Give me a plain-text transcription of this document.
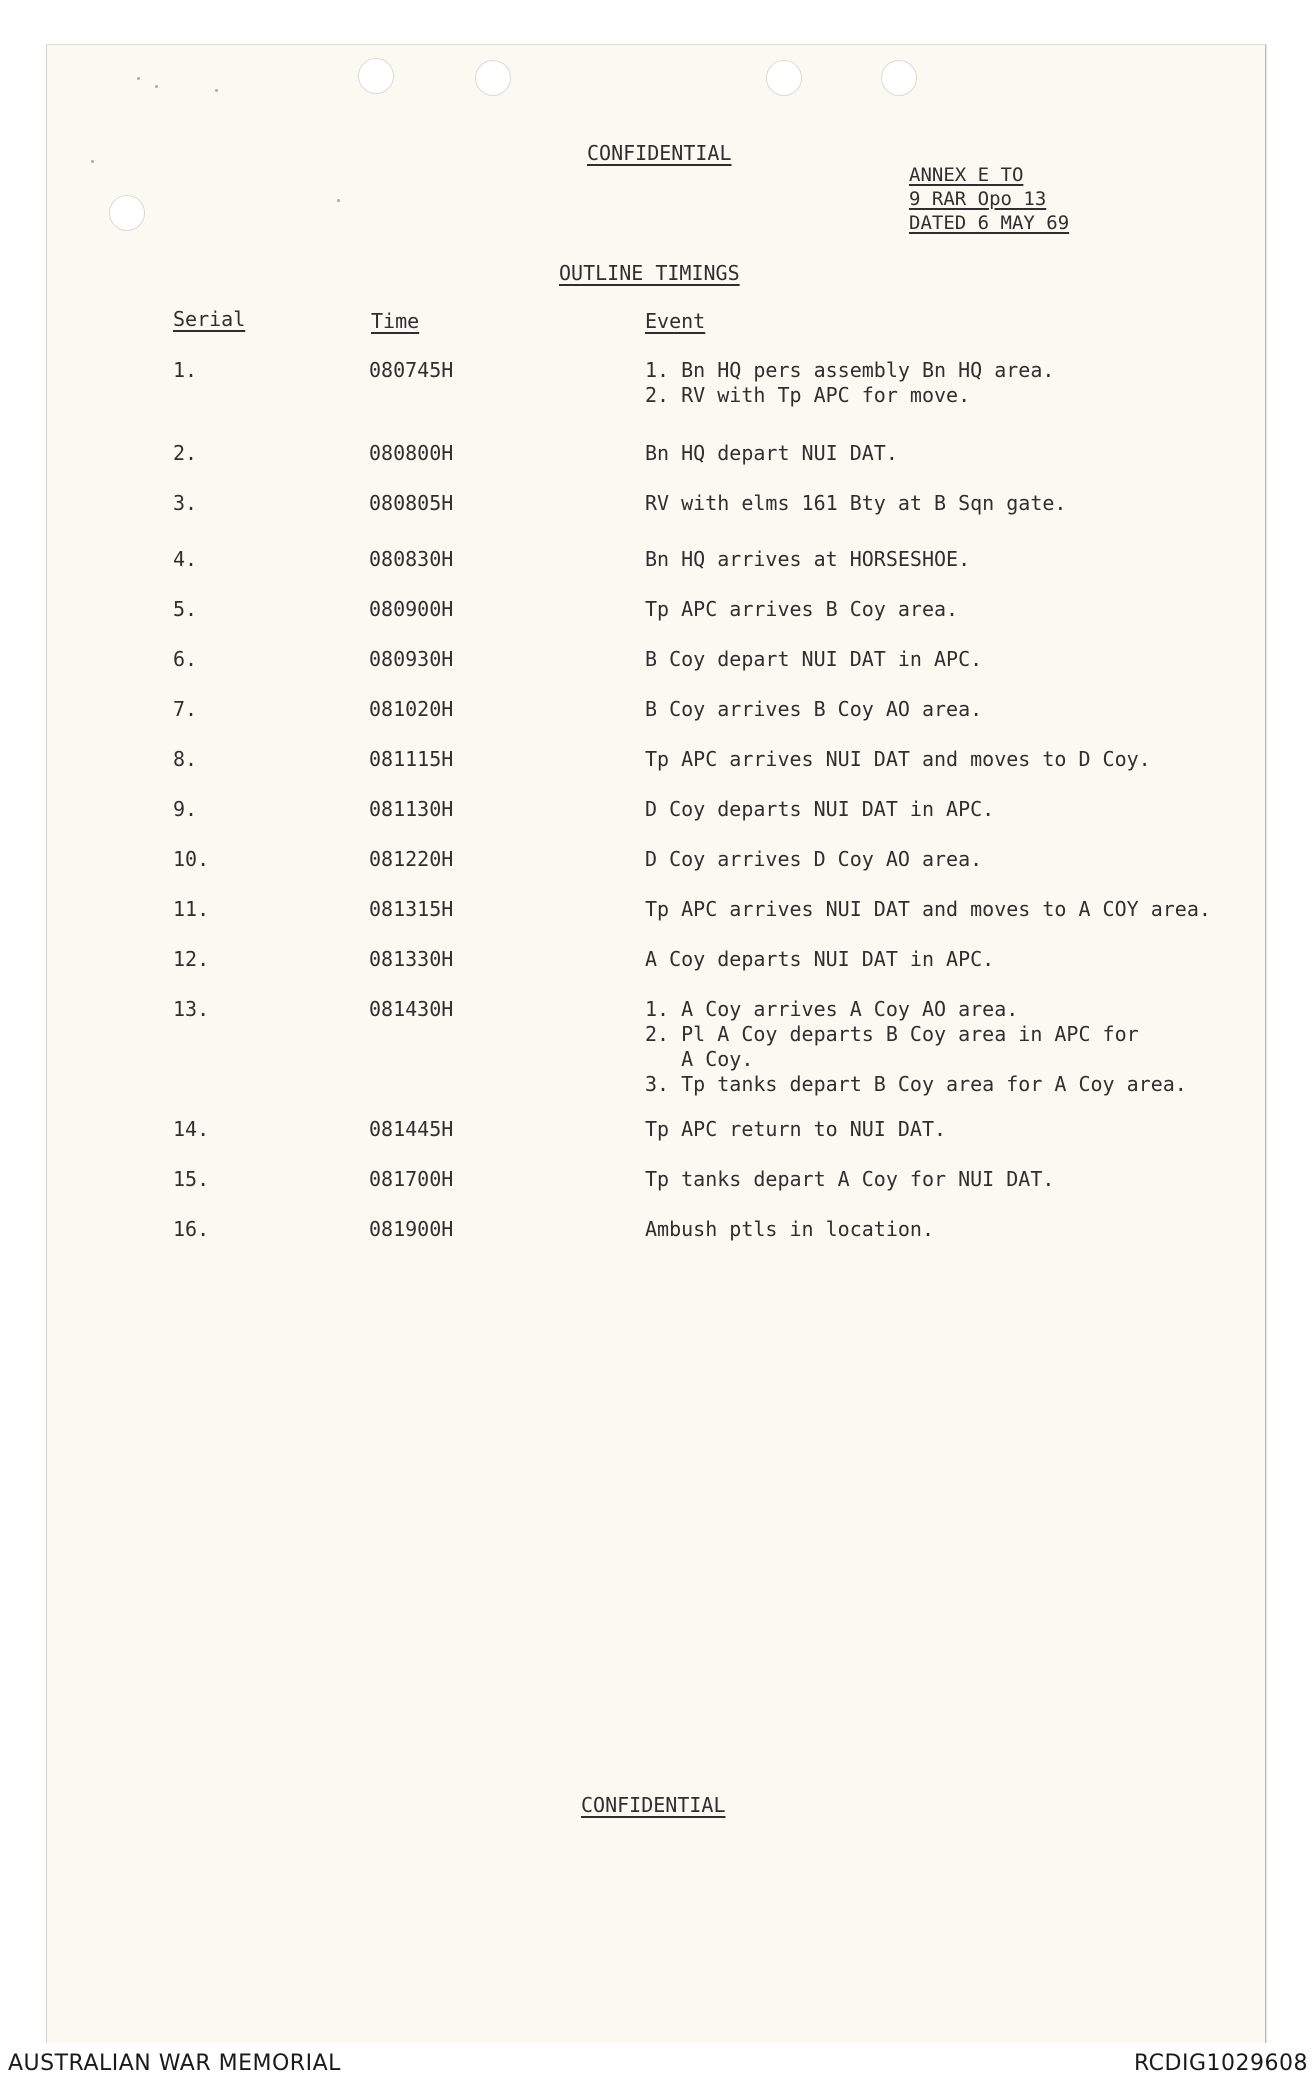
CONFIDENTIAL
ANNEX E TO
9 RAR Opo 13
DATED 6 MAY 69
OUTLINE TIMINGS
Serial	Time	Event
1.	080745H	1. Bn HQ pers assembly Bn HQ area.
2. RV with Tp APC for move.
2.	080800H	Bn HQ depart NUI DAT.
3.	080805H	RV with elms 161 Bty at B Sqn gate.
4.	080830H	Bn HQ arrives at HORSESHOE.
5.	080900H	Tp APC arrives B Coy area.
6.	080930H	B Coy depart NUI DAT in APC.
7.	081020H	B Coy arrives B Coy AO area.
8.	081115H	Tp APC arrives NUI DAT and moves to D Coy.
9.	081130H	D Coy departs NUI DAT in APC.
10.	081220H	D Coy arrives D Coy AO area.
11.	081315H	Tp APC arrives NUI DAT and moves to A COY area.
12.	081330H	A Coy departs NUI DAT in APC.
13.	081430H	1. A Coy arrives A Coy AO area.
2. Pl A Coy departs B Coy area in APC for
A Coy.
3. Tp tanks depart B Coy area for A Coy area.
14.	081445H	Tp APC return to NUI DAT.
15.	081700H	Tp tanks depart A Coy for NUI DAT.
16.	081900H	Ambush ptls in location.
CONFIDENTIAL
AUSTRALIAN WAR MEMORIAL	RCDIG1029608
